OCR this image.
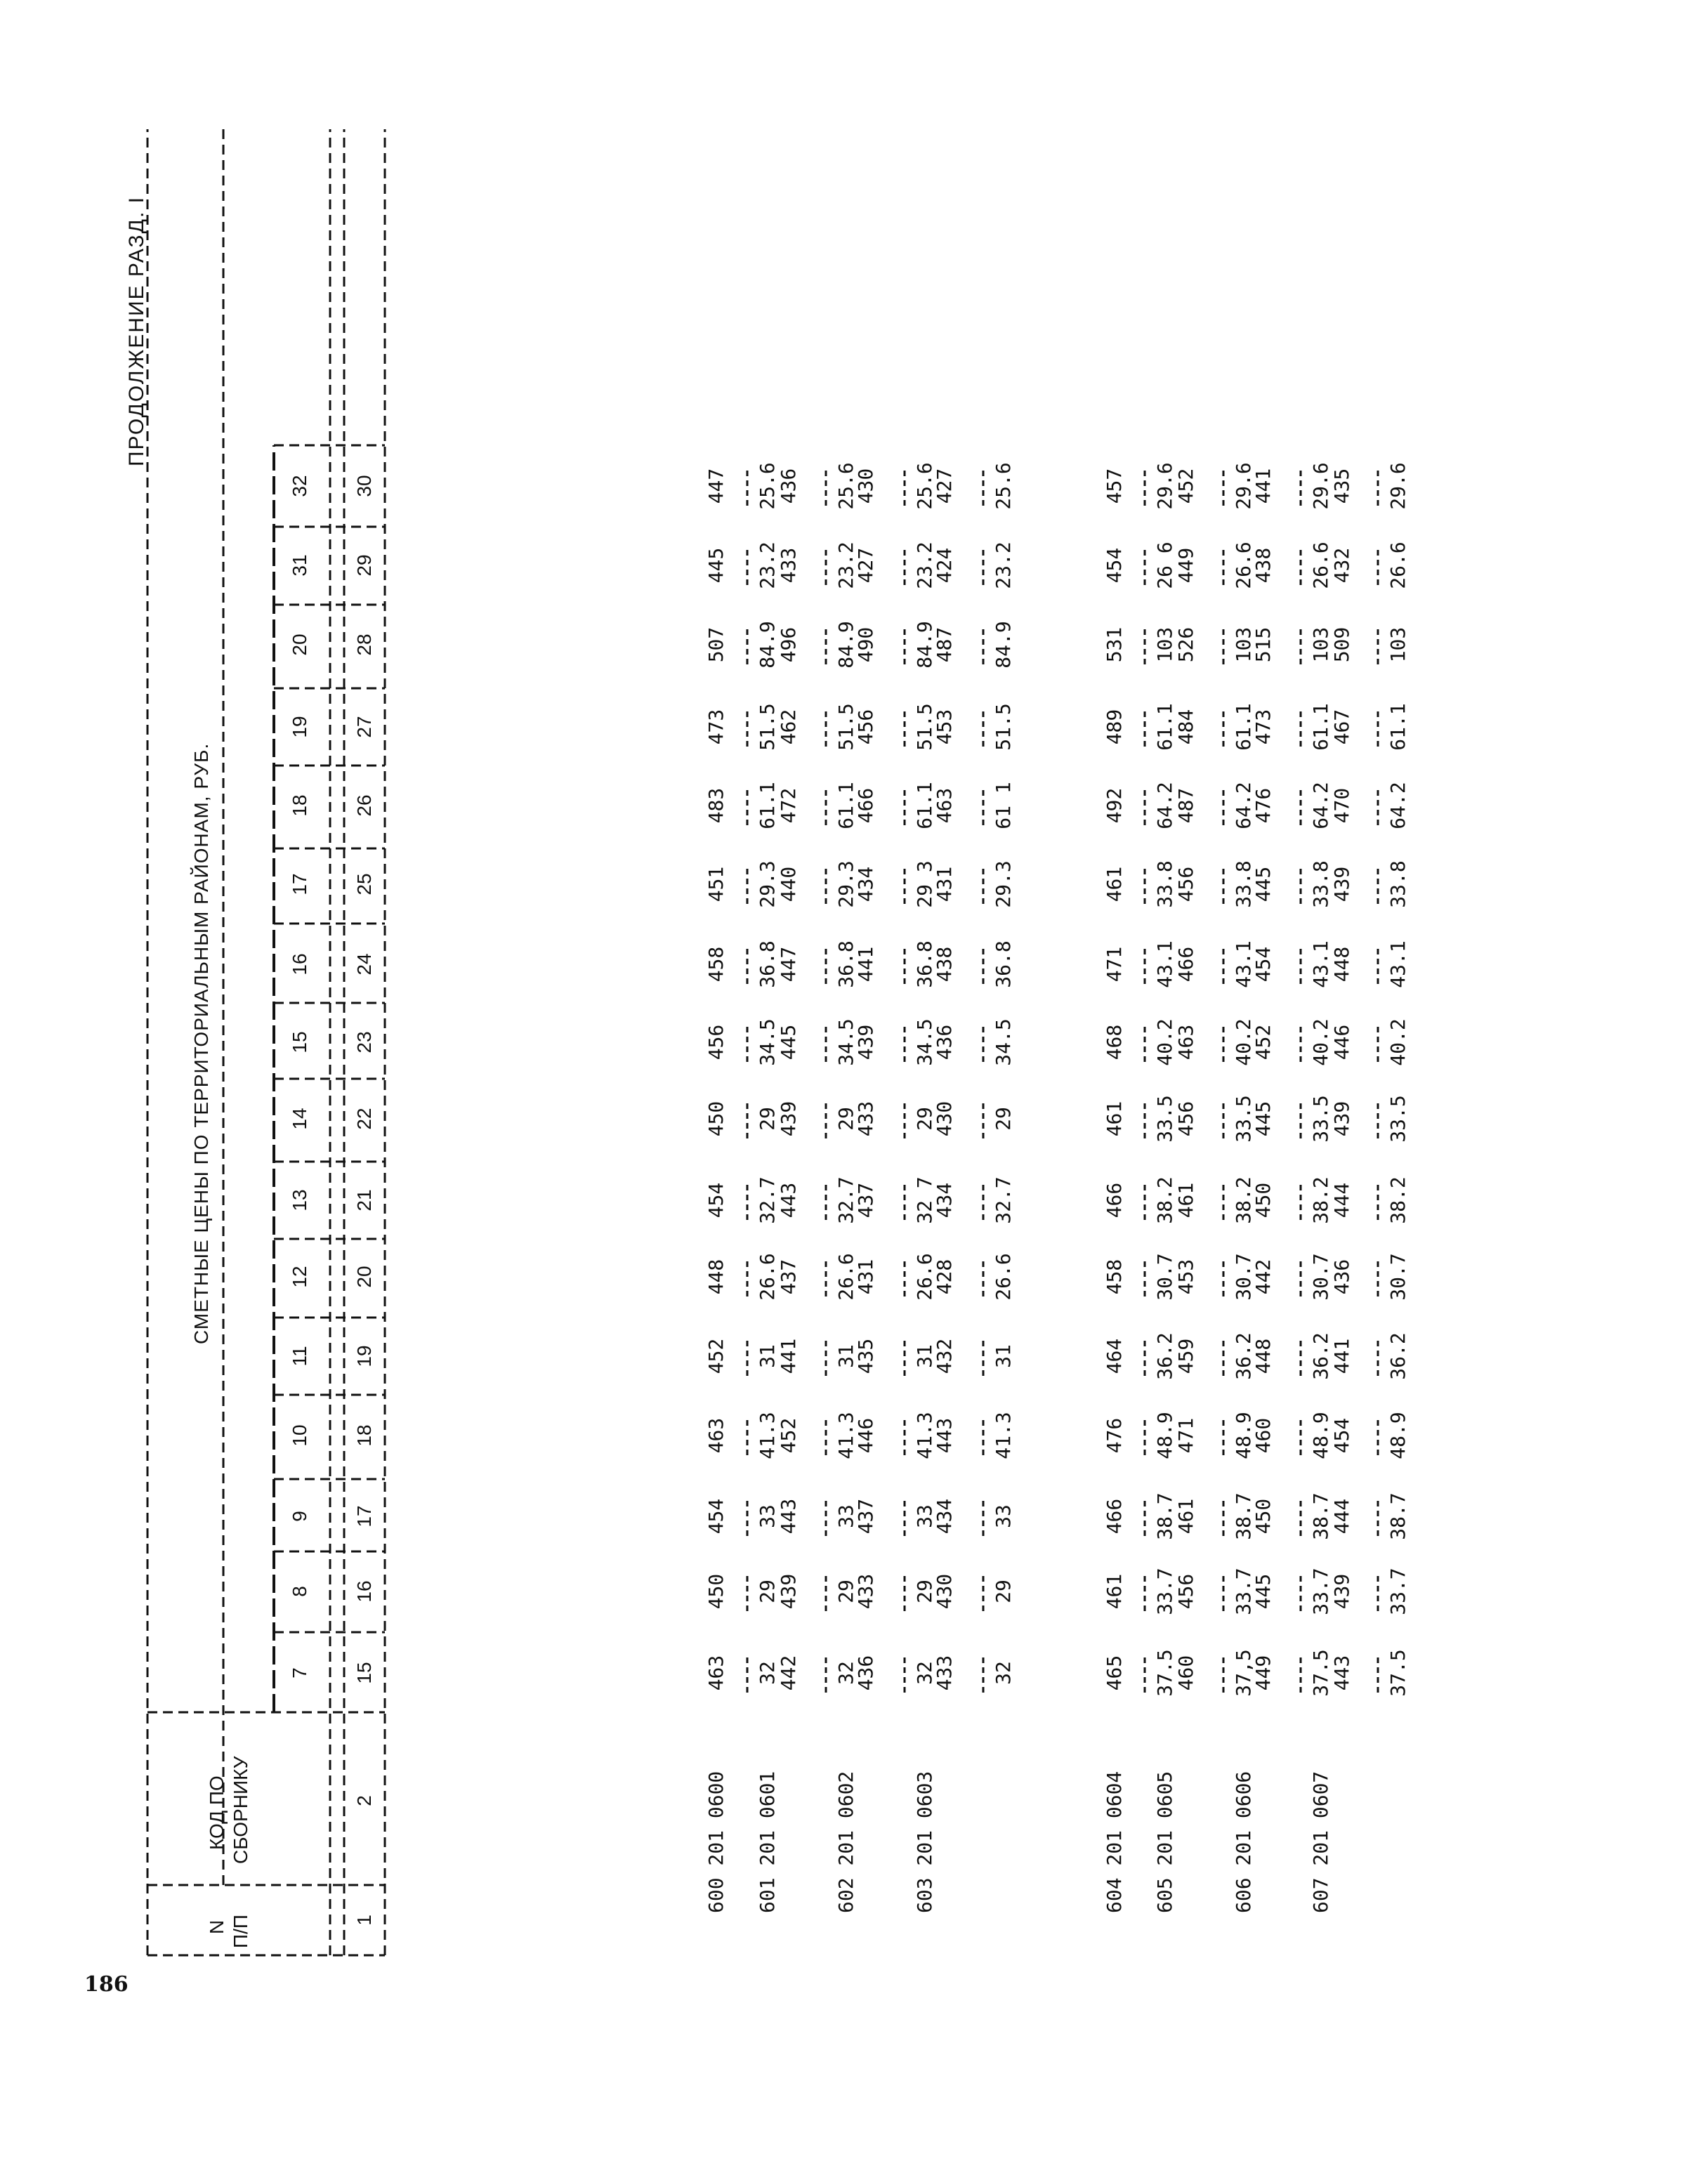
186
ПРОДОЛЖЕНИЕ РАЗД. I
N П/П
КОД ПО СБОРНИКУ
СМЕТНЫЕ ЦЕНЫ ПО ТЕРРИТОРИАЛЬНЫМ РАЙОНАМ, РУБ.
7
8
9
10
11
12
13
14
15
16
17
18
19
20
31
32
15
16
17
18
19
20
21
22
23
24
25
26
27
28
29
30
1
2	600 201 0600
463
450
454
463
452
448
454
450
456
458
451
483
473
507
445
447
601 201 0601
32
29
33
41.3
31
26.6
32.7
29
34.5
36.8
29.3
61.1
51.5
84.9
23.2
25.6
442
439
443
452
441
437
443
439
445
447
440
472
462
496
433
436
602 201 0602
32
29
33
41.3
31
26.6
32.7
29
34.5
36.8
29.3
61.1
51.5
84.9
23.2
25.6
436
433
437
446
435
431
437
433
439
441
434
466
456
490
427
430
603 201 0603
32
29
33
41.3
31
26.6
32 7
29
34.5
36.8
29 3
61.1
51.5
84.9
23.2
25.6
433
430
434
443
432
428
434
430
436
438
431
463
453
487
424
427
32
29
33
41.3
31
26.6
32.7
29
34.5
36.8
29.3
61 1
51.5
84.9
23.2
25.6
604 201 0604
465
461
466
476
464
458
466
461
468
471
461
492
489
531
454
457
605 201 0605
37.5
33.7
38.7
48.9
36.2
30.7
38.2
33.5
40.2
43.1
33.8
64.2
61.1
103
26 6
29.6
460
456
461
471
459
453
461
456
463
466
456
487
484
526
449
452
606 201 0606
37,5
33.7
38.7
48.9
36.2
30.7
38.2
33.5
40.2
43.1
33.8
64.2
61.1
103
26.6
29.6
449
445
450
460
448
442
450
445
452
454
445
476
473
515
438
441
607 201 0607
37.5
33.7
38.7
48.9
36.2
30.7
38.2
33.5
40.2
43.1
33.8
64.2
61.1
103
26.6
29.6
443
439
444
454
441
436
444
439
446
448
439
470
467
509
432
435
37.5
33.7
38.7
48.9
36.2
30.7
38.2
33.5
40.2
43.1
33.8
64.2
61.1
103
26.6
29.6
